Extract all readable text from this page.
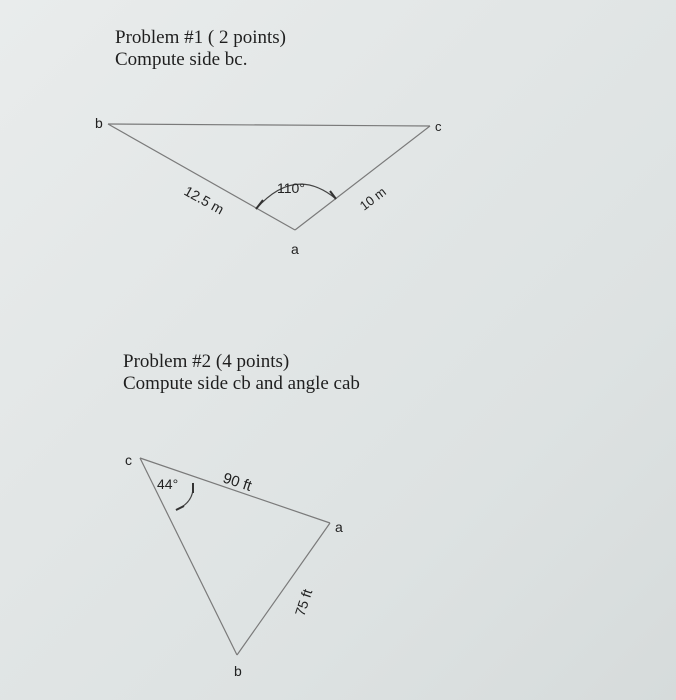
Problem #1 ( 2 points)
Compute side bc.
Problem #2 (4 points)
Compute side cb and angle cab
b	c
a
12.5 m	10 m
110°
c
a
b
90 ft
75 ft
44°
